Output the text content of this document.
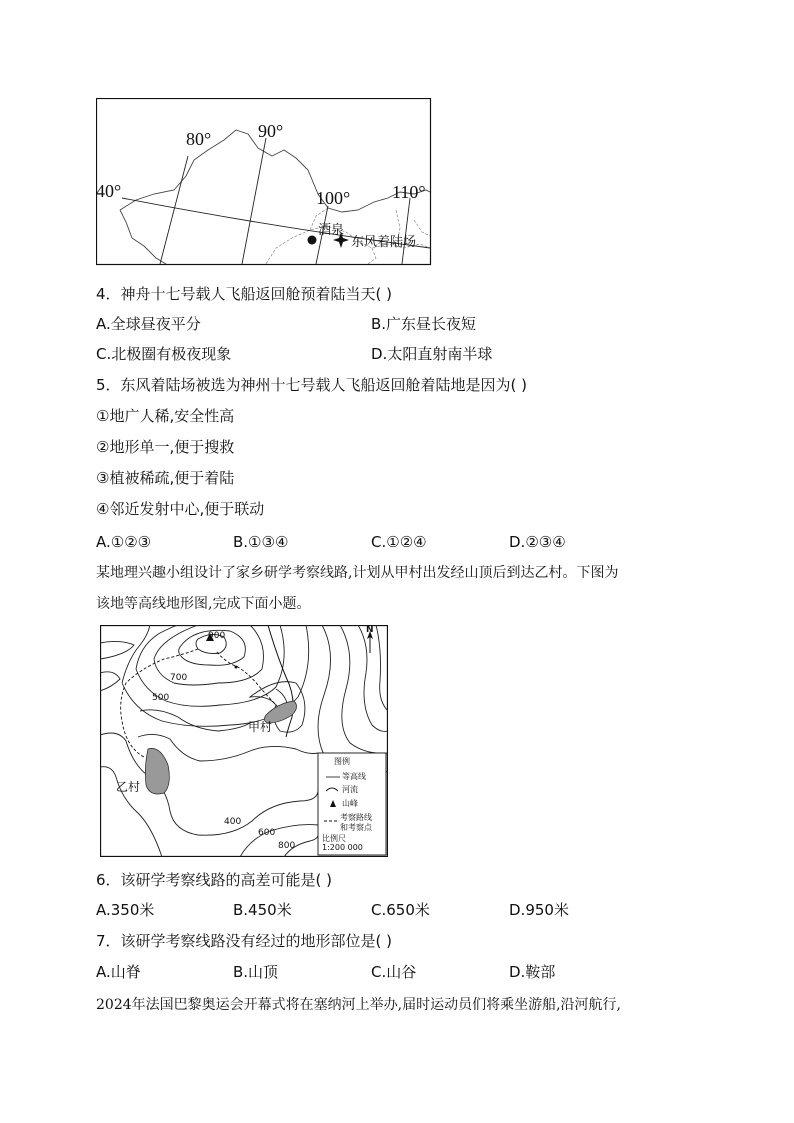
80°	90°
40°	100° 110°
酒泉
东风着陆场
4．神舟十七号载人飞船返回舱预着陆当天( )
A.全球昼夜平分	B.广东昼长夜短
C.北极圈有极夜现象	D.太阳直射南半球
5．东风着陆场被选为神州十七号载人飞船返回舱着陆地是因为( )
①地广人稀,安全性高
②地形单一,便于搜救
③植被稀疏,便于着陆
④邻近发射中心,便于联动
A.①②③	B.①③④	C.①②④	D.②③④
某地理兴趣小组设计了家乡研学考察线路,计划从甲村出发经山顶后到达乙村。下图为
该地等高线地形图,完成下面小题。
900
700
500
400
600
800
甲村
乙村
N
图例
等高线
河流
山峰
考察路线
和考察点
比例尺
1:200 000
6．该研学考察线路的高差可能是( )
A.350米	B.450米	C.650米	D.950米
7．该研学考察线路没有经过的地形部位是( )
A.山脊	B.山顶	C.山谷	D.鞍部
2024年法国巴黎奥运会开幕式将在塞纳河上举办,届时运动员们将乘坐游船,沿河航行,
